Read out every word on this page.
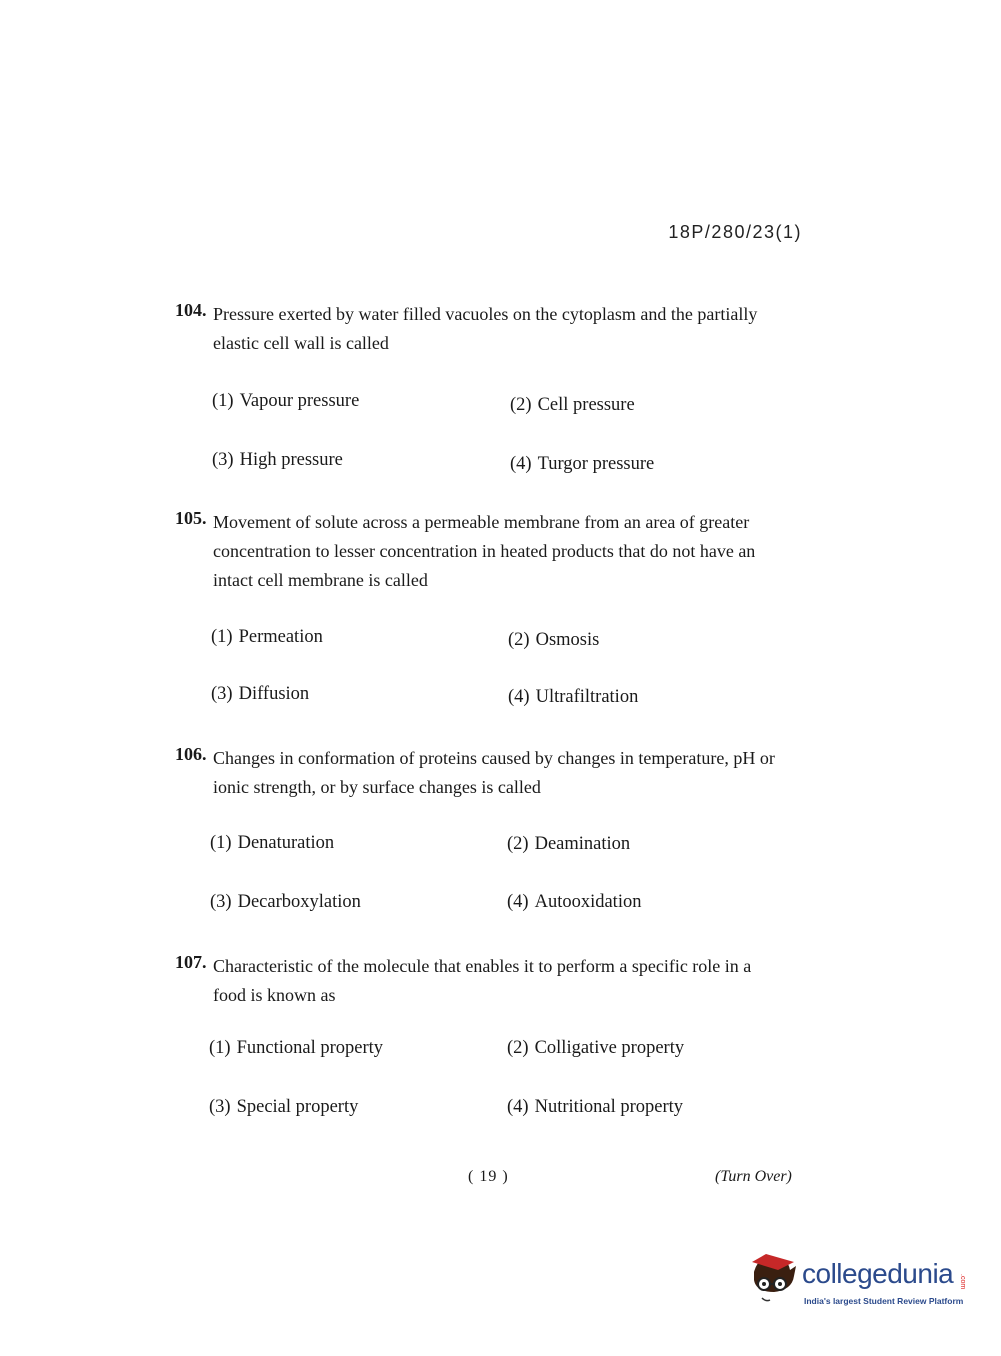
18P/280/23(1)
104. Pressure exerted by water filled vacuoles on the cytoplasm and the partially
elastic cell wall is called
(1) Vapour pressure	(2) Cell pressure
(3) High pressure	(4) Turgor pressure
105. Movement of solute across a permeable membrane from an area of greater
concentration to lesser concentration in heated products that do not have an
intact cell membrane is called
(1) Permeation	(2) Osmosis
(3) Diffusion	(4) Ultrafiltration
106. Changes in conformation of proteins caused by changes in temperature, pH or
ionic strength, or by surface changes is called
(1) Denaturation	(2) Deamination
(3) Decarboxylation	(4) Autooxidation
107. Characteristic of the molecule that enables it to perform a specific role in a
food is known as
(1) Functional property	(2) Colligative property
(3) Special property	(4) Nutritional property
( 19 )	(Turn Over)
collegedunia .com
India's largest Student Review Platform
